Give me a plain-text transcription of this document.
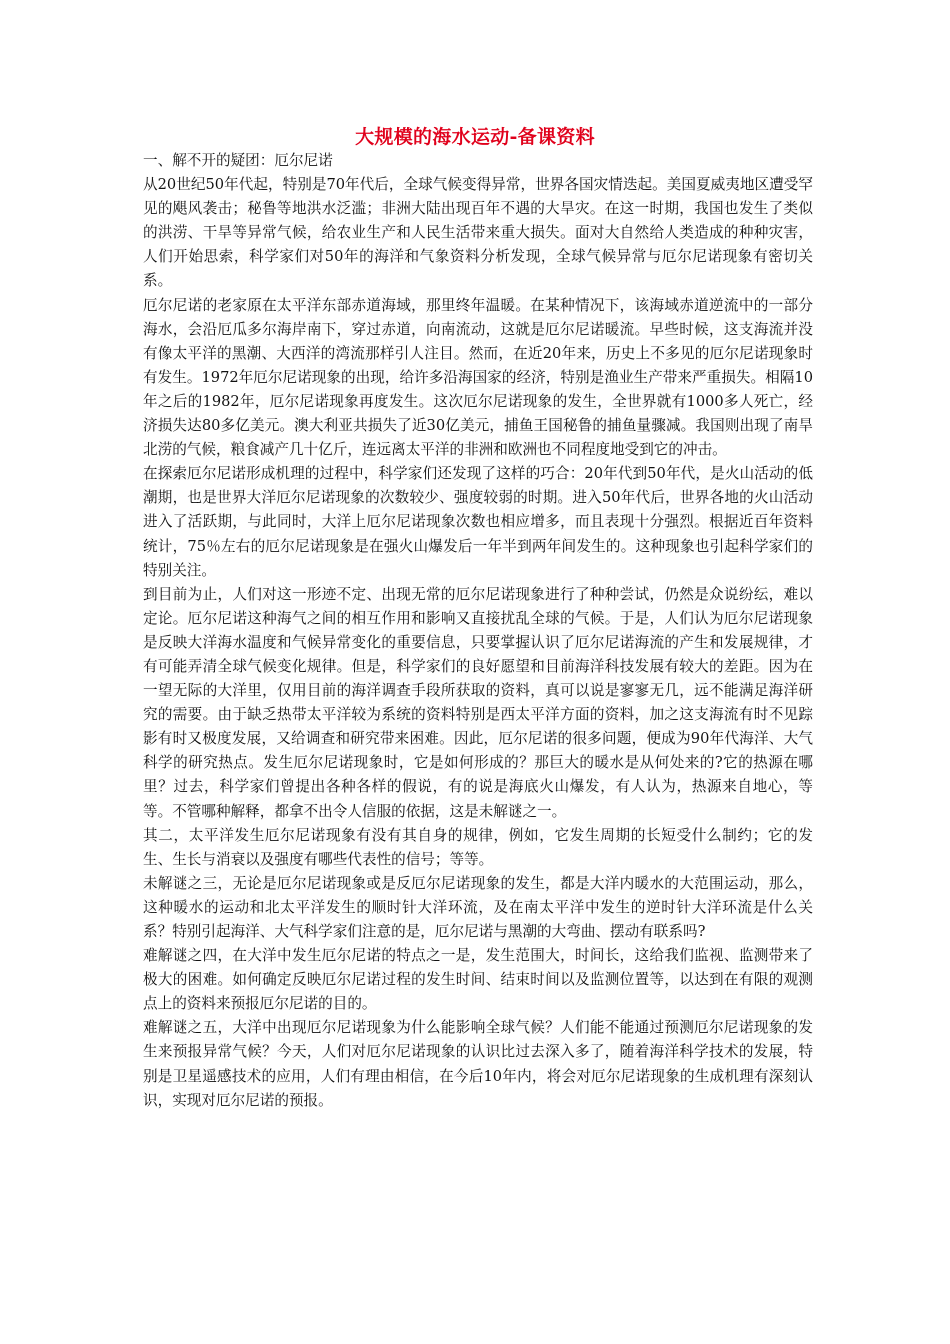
大规模的海水运动-备课资料

一、解不开的疑团：厄尔尼诺

从20世纪50年代起，特别是70年代后，全球气候变得异常，世界各国灾情迭起。美国夏威夷地区遭受罕见的飓风袭击；秘鲁等地洪水泛滥；非洲大陆出现百年不遇的大旱灾。在这一时期，我国也发生了类似的洪涝、干旱等异常气候，给农业生产和人民生活带来重大损失。面对大自然给人类造成的种种灾害，人们开始思索，科学家们对50年的海洋和气象资料分析发现，全球气候异常与厄尔尼诺现象有密切关系。

厄尔尼诺的老家原在太平洋东部赤道海域，那里终年温暖。在某种情况下，该海域赤道逆流中的一部分海水，会沿厄瓜多尔海岸南下，穿过赤道，向南流动，这就是厄尔尼诺暖流。早些时候，这支海流并没有像太平洋的黑潮、大西洋的湾流那样引人注目。然而，在近20年来，历史上不多见的厄尔尼诺现象时有发生。1972年厄尔尼诺现象的出现，给许多沿海国家的经济，特别是渔业生产带来严重损失。相隔10年之后的1982年，厄尔尼诺现象再度发生。这次厄尔尼诺现象的发生，全世界就有1000多人死亡，经济损失达80多亿美元。澳大利亚共损失了近30亿美元，捕鱼王国秘鲁的捕鱼量骤减。我国则出现了南旱北涝的气候，粮食减产几十亿斤，连远离太平洋的非洲和欧洲也不同程度地受到它的冲击。

在探索厄尔尼诺形成机理的过程中，科学家们还发现了这样的巧合：20年代到50年代，是火山活动的低潮期，也是世界大洋厄尔尼诺现象的次数较少、强度较弱的时期。进入50年代后，世界各地的火山活动进入了活跃期，与此同时，大洋上厄尔尼诺现象次数也相应增多，而且表现十分强烈。根据近百年资料统计，75％左右的厄尔尼诺现象是在强火山爆发后一年半到两年间发生的。这种现象也引起科学家们的特别关注。

到目前为止，人们对这一形迹不定、出现无常的厄尔尼诺现象进行了种种尝试，仍然是众说纷纭，难以定论。厄尔尼诺这种海气之间的相互作用和影响又直接扰乱全球的气候。于是，人们认为厄尔尼诺现象是反映大洋海水温度和气候异常变化的重要信息，只要掌握认识了厄尔尼诺海流的产生和发展规律，才有可能弄清全球气候变化规律。但是，科学家们的良好愿望和目前海洋科技发展有较大的差距。因为在一望无际的大洋里，仅用目前的海洋调查手段所获取的资料，真可以说是寥寥无几，远不能满足海洋研究的需要。由于缺乏热带太平洋较为系统的资料特别是西太平洋方面的资料，加之这支海流有时不见踪影有时又极度发展，又给调查和研究带来困难。因此，厄尔尼诺的很多问题，便成为90年代海洋、大气科学的研究热点。发生厄尔尼诺现象时，它是如何形成的？那巨大的暖水是从何处来的?它的热源在哪里？过去，科学家们曾提出各种各样的假说，有的说是海底火山爆发，有人认为，热源来自地心，等等。不管哪种解释，都拿不出令人信服的依据，这是未解谜之一。

其二，太平洋发生厄尔尼诺现象有没有其自身的规律，例如，它发生周期的长短受什么制约；它的发生、生长与消衰以及强度有哪些代表性的信号；等等。

未解谜之三，无论是厄尔尼诺现象或是反厄尔尼诺现象的发生，都是大洋内暖水的大范围运动，那么，这种暖水的运动和北太平洋发生的顺时针大洋环流，及在南太平洋中发生的逆时针大洋环流是什么关系？特别引起海洋、大气科学家们注意的是，厄尔尼诺与黑潮的大弯曲、摆动有联系吗?

难解谜之四，在大洋中发生厄尔尼诺的特点之一是，发生范围大，时间长，这给我们监视、监测带来了极大的困难。如何确定反映厄尔尼诺过程的发生时间、结束时间以及监测位置等，以达到在有限的观测点上的资料来预报厄尔尼诺的目的。

难解谜之五，大洋中出现厄尔尼诺现象为什么能影响全球气候？人们能不能通过预测厄尔尼诺现象的发生来预报异常气候？今天，人们对厄尔尼诺现象的认识比过去深入多了，随着海洋科学技术的发展，特别是卫星遥感技术的应用，人们有理由相信，在今后10年内，将会对厄尔尼诺现象的生成机理有深刻认识，实现对厄尔尼诺的预报。
